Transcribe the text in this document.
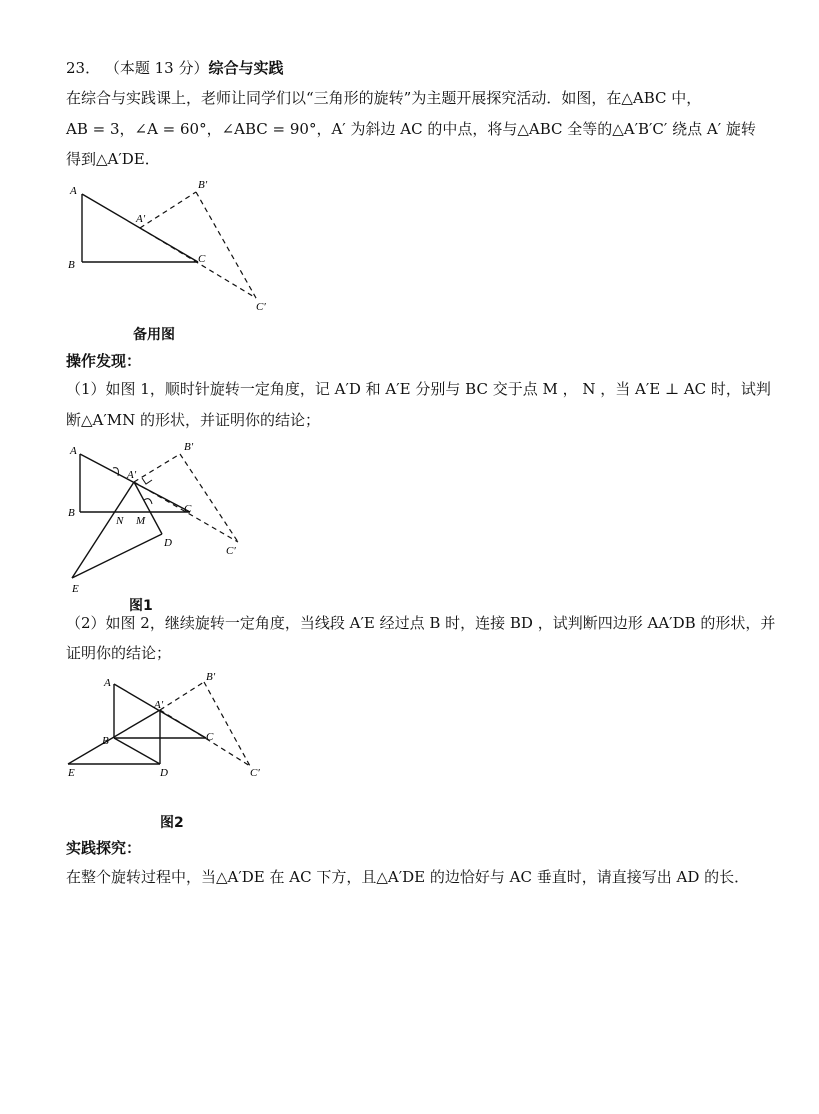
23． （本题 13 分）综合与实践
在综合与实践课上，老师让同学们以“三角形的旋转”为主题开展探究活动．如图，在△ABC 中，
AB = 3，∠A = 60°，∠ABC = 90°，A′ 为斜边 AC 的中点，将与△ABC 全等的△A′B′C′ 绕点 A′ 旋转
得到△A′DE．
A
B	C
A′
B′
C′
备用图
操作发现：
（1）如图 1，顺时针旋转一定角度，记 A′D 和 A′E 分别与 BC 交于点 M ， N ，当 A′E ⊥ AC 时，试判
断△A′MN 的形状，并证明你的结论；
A
B	C
A′
B′
C′
N M
D
E
图1
（2）如图 2，继续旋转一定角度，当线段 A′E 经过点 B 时，连接 BD ，试判断四边形 AA′DB 的形状，并
证明你的结论；
A
B	C
A′
B′
C′
D
E
图2
实践探究：
在整个旋转过程中，当△A′DE 在 AC 下方，且△A′DE 的边恰好与 AC 垂直时，请直接写出 AD 的长．
